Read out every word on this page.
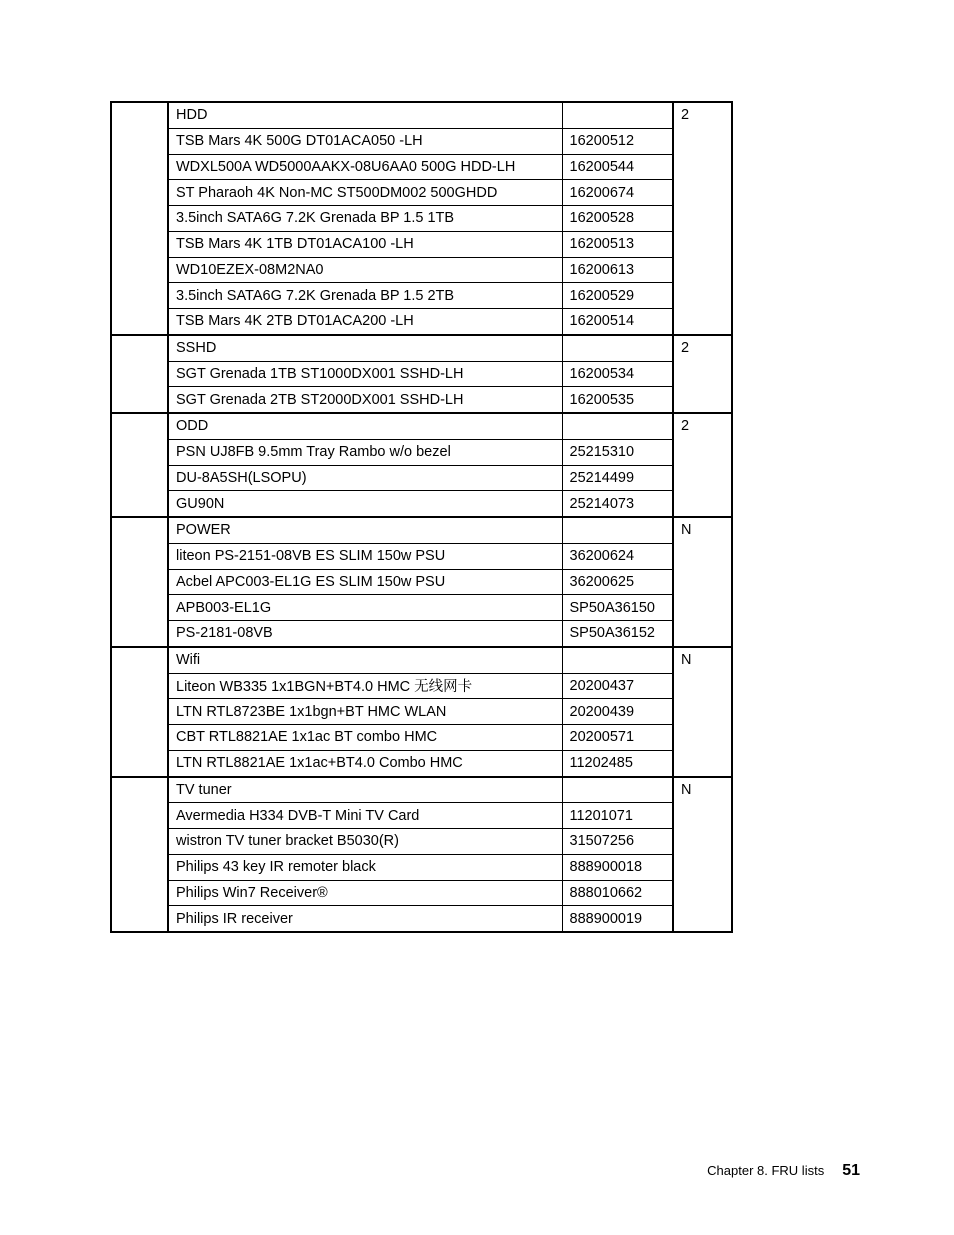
	HDD		2
	TSB Mars 4K 500G DT01ACA050 -LH	16200512	
	WDXL500A WD5000AAKX-08U6AA0 500G HDD-LH	16200544	
	ST Pharaoh 4K Non-MC ST500DM002 500GHDD	16200674	
	3.5inch SATA6G 7.2K Grenada BP 1.5 1TB	16200528	
	TSB Mars 4K 1TB DT01ACA100 -LH	16200513	
	WD10EZEX-08M2NA0	16200613	
	3.5inch SATA6G 7.2K Grenada BP 1.5 2TB	16200529	
	TSB Mars 4K 2TB DT01ACA200 -LH	16200514	
	SSHD		2
	SGT Grenada 1TB ST1000DX001 SSHD-LH	16200534	
	SGT Grenada 2TB ST2000DX001 SSHD-LH	16200535	
	ODD		2
	PSN UJ8FB 9.5mm Tray Rambo w/o bezel	25215310	
	DU-8A5SH(LSOPU)	25214499	
	GU90N	25214073	
	POWER		N
	liteon PS-2151-08VB ES SLIM 150w PSU	36200624	
	Acbel APC003-EL1G ES SLIM 150w PSU	36200625	
	APB003-EL1G	SP50A36150	
	PS-2181-08VB	SP50A36152	
	Wifi		N
	Liteon WB335 1x1BGN+BT4.0 HMC 无线网卡	20200437	
	LTN RTL8723BE 1x1bgn+BT HMC WLAN	20200439	
	CBT RTL8821AE 1x1ac BT combo HMC	20200571	
	LTN RTL8821AE 1x1ac+BT4.0 Combo HMC	11202485	
	TV tuner		N
	Avermedia H334 DVB-T Mini TV Card	11201071	
	wistron TV tuner bracket B5030(R)	31507256	
	Philips 43 key IR remoter black	888900018	
	Philips Win7 Receiver®	888010662	
	Philips IR receiver	888900019	
Chapter 8. FRU lists 51
